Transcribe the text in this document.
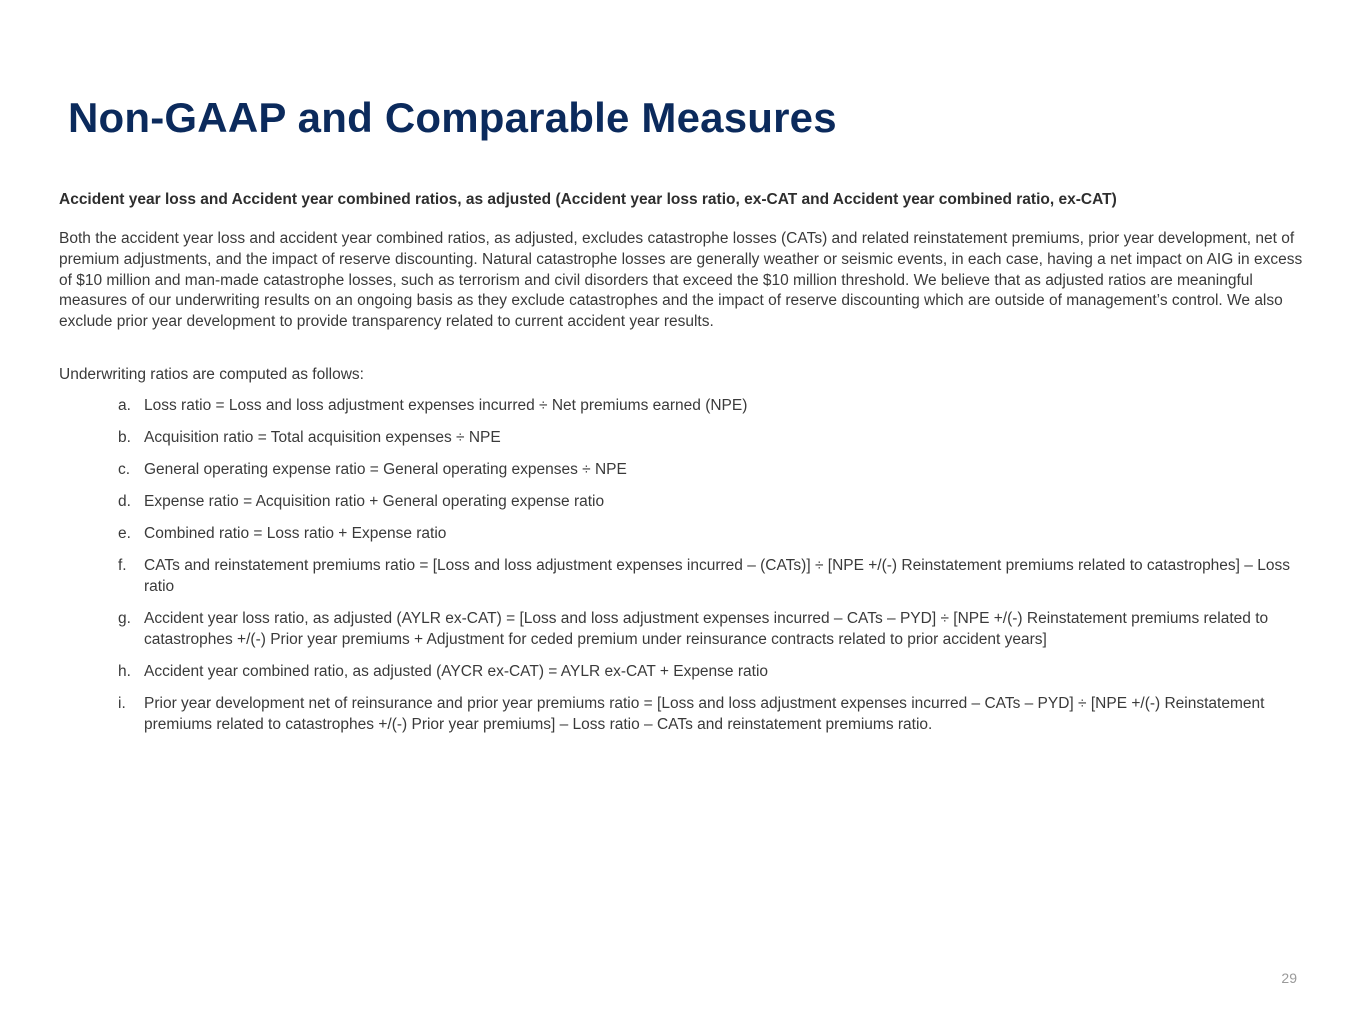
Non-GAAP and Comparable Measures

Accident year loss and Accident year combined ratios, as adjusted (Accident year loss ratio, ex-CAT and Accident year combined ratio, ex-CAT)

Both the accident year loss and accident year combined ratios, as adjusted, excludes catastrophe losses (CATs) and related reinstatement premiums, prior year development, net of premium adjustments, and the impact of reserve discounting. Natural catastrophe losses are generally weather or seismic events, in each case, having a net impact on AIG in excess of $10 million and man-made catastrophe losses, such as terrorism and civil disorders that exceed the $10 million threshold. We believe that as adjusted ratios are meaningful measures of our underwriting results on an ongoing basis as they exclude catastrophes and the impact of reserve discounting which are outside of management’s control. We also exclude prior year development to provide transparency related to current accident year results.

Underwriting ratios are computed as follows:

a. Loss ratio = Loss and loss adjustment expenses incurred ÷ Net premiums earned (NPE)
b. Acquisition ratio = Total acquisition expenses ÷ NPE
c. General operating expense ratio = General operating expenses ÷ NPE
d. Expense ratio = Acquisition ratio + General operating expense ratio
e. Combined ratio = Loss ratio + Expense ratio
f. CATs and reinstatement premiums ratio = [Loss and loss adjustment expenses incurred – (CATs)] ÷ [NPE +/(-) Reinstatement premiums related to catastrophes] – Loss ratio
g. Accident year loss ratio, as adjusted (AYLR ex-CAT) = [Loss and loss adjustment expenses incurred – CATs – PYD] ÷ [NPE +/(-) Reinstatement premiums related to catastrophes +/(-) Prior year premiums + Adjustment for ceded premium under reinsurance contracts related to prior accident years]
h. Accident year combined ratio, as adjusted (AYCR ex-CAT) = AYLR ex-CAT + Expense ratio
i. Prior year development net of reinsurance and prior year premiums ratio = [Loss and loss adjustment expenses incurred – CATs – PYD] ÷ [NPE +/(-) Reinstatement premiums related to catastrophes +/(-) Prior year premiums] – Loss ratio – CATs and reinstatement premiums ratio.
29
